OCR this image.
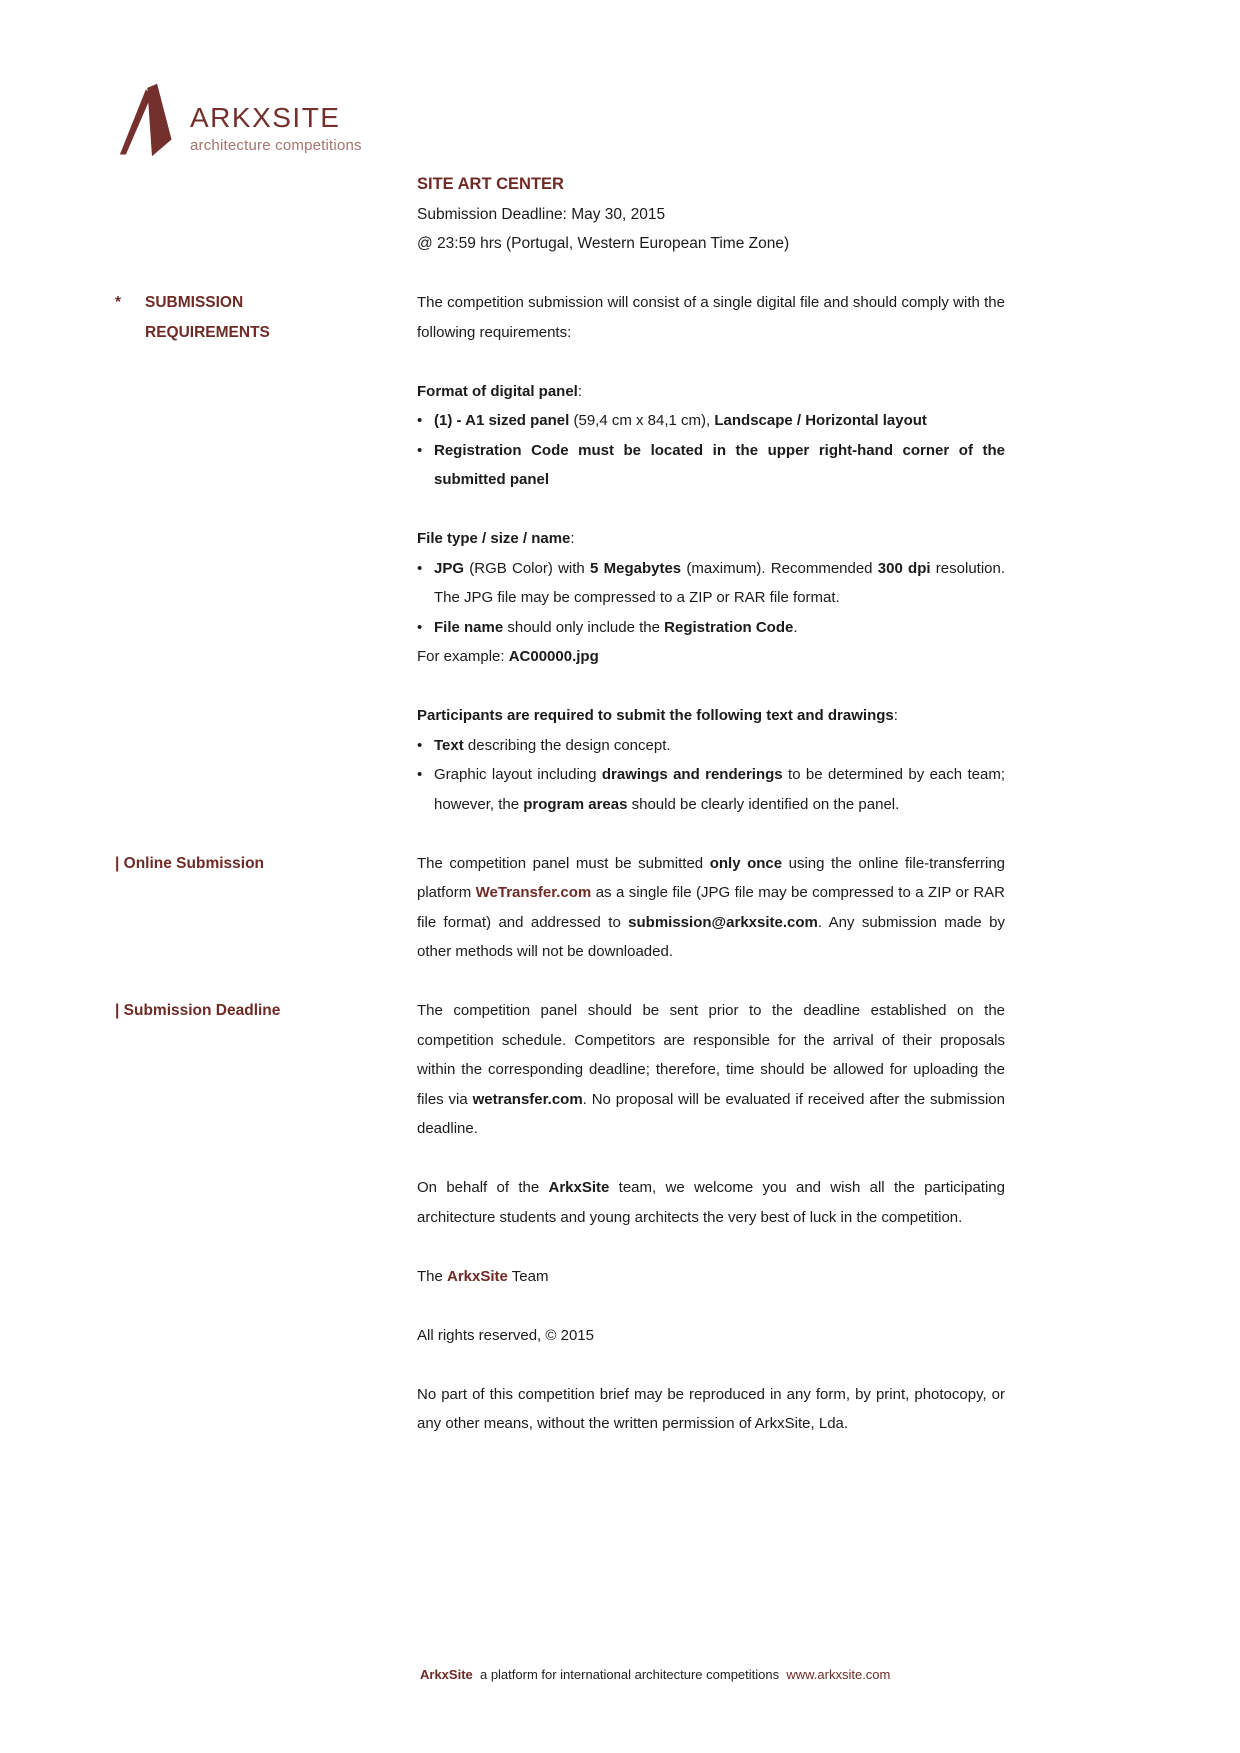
ARKXSITE
architecture competitions
SITE ART CENTER

Submission Deadline: May 30, 2015

@ 23:59 hrs (Portugal, Western European Time Zone)

*	SUBMISSION
REQUIREMENTS

The competition submission will consist of a single digital file and should comply with the following requirements:

Format of digital panel:

• (1) - A1 sized panel (59,4 cm x 84,1 cm), Landscape / Horizontal layout
• Registration Code must be located in the upper right-hand corner of the submitted panel

File type / size / name:

• JPG (RGB Color) with 5 Megabytes (maximum). Recommended 300 dpi resolution. The JPG file may be compressed to a ZIP or RAR file format.
• File name should only include the Registration Code.

For example: AC00000.jpg

Participants are required to submit the following text and drawings:

• Text describing the design concept.
• Graphic layout including drawings and renderings to be determined by each team; however, the program areas should be clearly identified on the panel.
| Online Submission	The competition panel must be submitted only once using the online file-transferring platform WeTransfer.com as a single file (JPG file may be compressed to a ZIP or RAR file format) and addressed to submission@arkxsite.com. Any submission made by other methods will not be downloaded.

| Submission Deadline	The competition panel should be sent prior to the deadline established on the competition schedule. Competitors are responsible for the arrival of their proposals within the corresponding deadline; therefore, time should be allowed for uploading the files via wetransfer.com. No proposal will be evaluated if received after the submission deadline.

On behalf of the ArkxSite team, we welcome you and wish all the participating architecture students and young architects the very best of luck in the competition.

The ArkxSite Team

All rights reserved, © 2015

No part of this competition brief may be reproduced in any form, by print, photocopy, or any other means, without the written permission of ArkxSite, Lda.

ArkxSite  a platform for international architecture competitions  www.arkxsite.com
